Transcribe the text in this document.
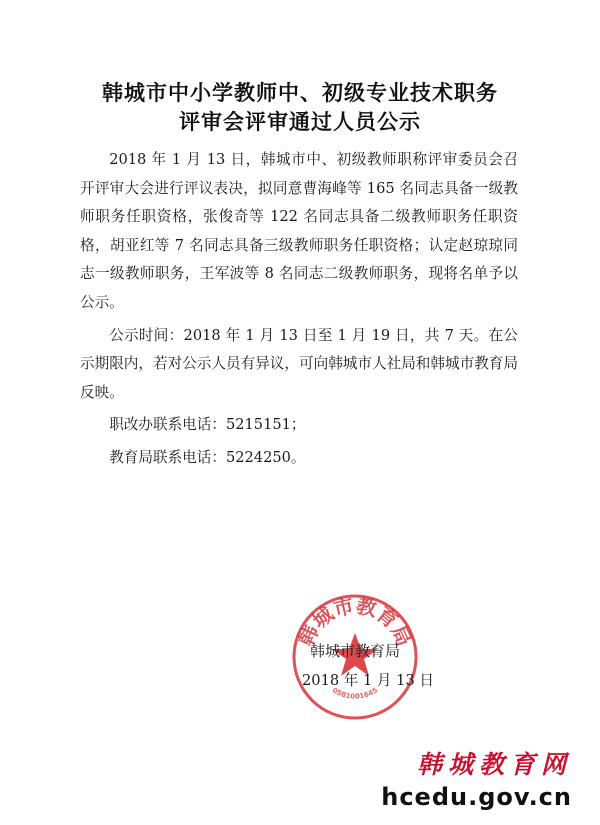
韩城市中小学教师中、初级专业技术职务
评审会评审通过人员公示

2018 年 1 月 13 日，韩城市中、初级教师职称评审委员会召开评审大会进行评议表决，拟同意曹海峰等 165 名同志具备一级教师职务任职资格，张俊奇等 122 名同志具备二级教师职务任职资格，胡亚红等 7 名同志具备三级教师职务任职资格；认定赵琼琼同志一级教师职务，王军波等 8 名同志二级教师职务，现将名单予以公示。

公示时间：2018 年 1 月 13 日至 1 月 19 日，共 7 天。在公示期限内，若对公示人员有异议，可向韩城市人社局和韩城市教育局反映。

职改办联系电话：5215151；

教育局联系电话：5224250。

韩城市教育局
0581001645
韩城市教育局
2018 年 1 月 13 日
韩城教育网
hcedu.gov.cn
